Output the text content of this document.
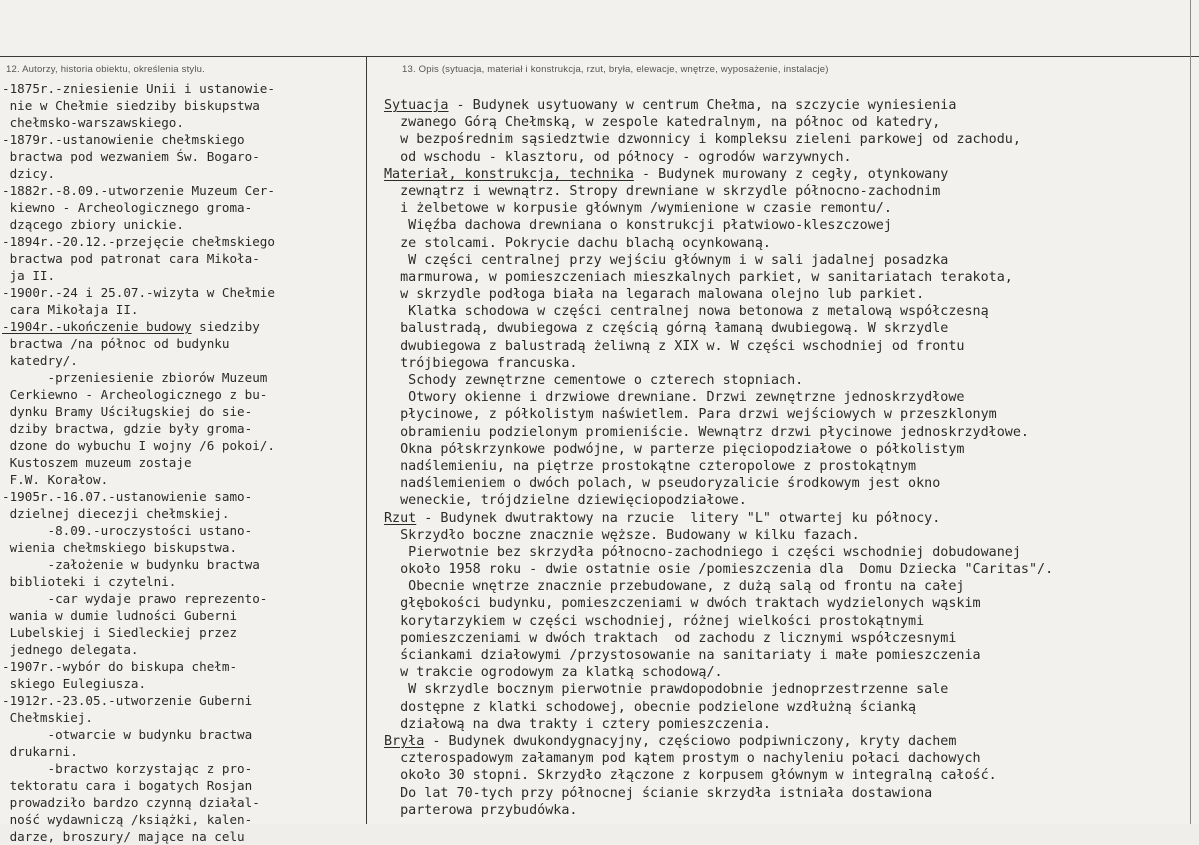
12. Autorzy, historia obiektu, określenia stylu.	13. Opis (sytuacja, materiał i konstrukcja, rzut, bryła, elewacje, wnętrze, wyposażenie, instalacje)
-1875r.-zniesienie Unii i ustanowie-
nie w Chełmie siedziby biskupstwa
chełmsko-warszawskiego.
-1879r.-ustanowienie chełmskiego
bractwa pod wezwaniem Św. Bogaro-
dzicy.
-1882r.-8.09.-utworzenie Muzeum Cer-
kiewno - Archeologicznego groma-
dzącego zbiory unickie.
-1894r.-20.12.-przejęcie chełmskiego
bractwa pod patronat cara Mikoła-
ja II.
-1900r.-24 i 25.07.-wizyta w Chełmie
cara Mikołaja II.
-1904r.-ukończenie budowy siedziby
bractwa /na północ od budynku
katedry/.
-przeniesienie zbiorów Muzeum
Cerkiewno - Archeologicznego z bu-
dynku Bramy Uściługskiej do sie-
dziby bractwa, gdzie były groma-
dzone do wybuchu I wojny /6 pokoi/.
Kustoszem muzeum zostaje
F.W. Korałow.
-1905r.-16.07.-ustanowienie samo-
dzielnej diecezji chełmskiej.
-8.09.-uroczystości ustano-
wienia chełmskiego biskupstwa.
-założenie w budynku bractwa
biblioteki i czytelni.
-car wydaje prawo reprezento-
wania w dumie ludności Guberni
Lubelskiej i Siedleckiej przez
jednego delegata.
-1907r.-wybór do biskupa chełm-
skiego Eulegiusza.
-1912r.-23.05.-utworzenie Guberni
Chełmskiej.
-otwarcie w budynku bractwa
drukarni.
-bractwo korzystając z pro-
tektoratu cara i bogatych Rosjan
prowadziło bardzo czynną działal-
ność wydawniczą /książki, kalen-
darze, broszury/ mające na celu
Sytuacja - Budynek usytuowany w centrum Chełma, na szczycie wyniesienia
zwanego Górą Chełmską, w zespole katedralnym, na północ od katedry,
w bezpośrednim sąsiedztwie dzwonnicy i kompleksu zieleni parkowej od zachodu,
od wschodu - klasztoru, od północy - ogrodów warzywnych.
Materiał, konstrukcja, technika - Budynek murowany z cegły, otynkowany
zewnątrz i wewnątrz. Stropy drewniane w skrzydle północno-zachodnim
i żelbetowe w korpusie głównym /wymienione w czasie remontu/.
Więźba dachowa drewniana o konstrukcji płatwiowo-kleszczowej
ze stolcami. Pokrycie dachu blachą ocynkowaną.
W części centralnej przy wejściu głównym i w sali jadalnej posadzka
marmurowa, w pomieszczeniach mieszkalnych parkiet, w sanitariatach terakota,
w skrzydle podłoga biała na legarach malowana olejno lub parkiet.
Klatka schodowa w części centralnej nowa betonowa z metalową współczesną
balustradą, dwubiegowa z częścią górną łamaną dwubiegową. W skrzydle
dwubiegowa z balustradą żeliwną z XIX w. W części wschodniej od frontu
trójbiegowa francuska.
Schody zewnętrzne cementowe o czterech stopniach.
Otwory okienne i drzwiowe drewniane. Drzwi zewnętrzne jednoskrzydłowe
płycinowe, z półkolistym naświetlem. Para drzwi wejściowych w przeszklonym
obramieniu podzielonym promieniście. Wewnątrz drzwi płycinowe jednoskrzydłowe.
Okna półskrzynkowe podwójne, w parterze pięciopodziałowe o półkolistym
nadślemieniu, na piętrze prostokątne czteropolowe z prostokątnym
nadślemieniem o dwóch polach, w pseudoryzalicie środkowym jest okno
weneckie, trójdzielne dziewięciopodziałowe.
Rzut - Budynek dwutraktowy na rzucie  litery "L" otwartej ku północy.
Skrzydło boczne znacznie węższe. Budowany w kilku fazach.
Pierwotnie bez skrzydła północno-zachodniego i części wschodniej dobudowanej
około 1958 roku - dwie ostatnie osie /pomieszczenia dla  Domu Dziecka "Caritas"/.
Obecnie wnętrze znacznie przebudowane, z dużą salą od frontu na całej
głębokości budynku, pomieszczeniami w dwóch traktach wydzielonych wąskim
korytarzykiem w części wschodniej, różnej wielkości prostokątnymi
pomieszczeniami w dwóch traktach  od zachodu z licznymi współczesnymi
ściankami działowymi /przystosowanie na sanitariaty i małe pomieszczenia
w trakcie ogrodowym za klatką schodową/.
W skrzydle bocznym pierwotnie prawdopodobnie jednoprzestrzenne sale
dostępne z klatki schodowej, obecnie podzielone wzdłużną ścianką
działową na dwa trakty i cztery pomieszczenia.
Bryła - Budynek dwukondygnacyjny, częściowo podpiwniczony, kryty dachem
czterospadowym załamanym pod kątem prostym o nachyleniu połaci dachowych
około 30 stopni. Skrzydło złączone z korpusem głównym w integralną całość.
Do lat 70-tych przy północnej ścianie skrzydła istniała dostawiona
parterowa przybudówka.
